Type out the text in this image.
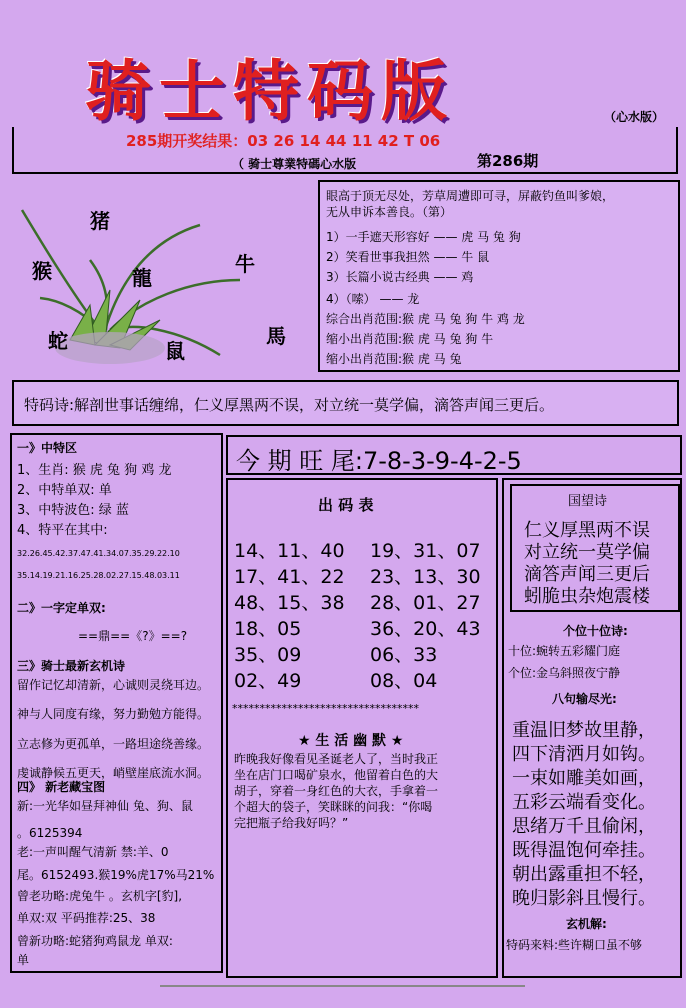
骑士特码版	（心水版）
285期开奖结果：03 26 14 44 11 42 T 06
（ 骑士尊業特碼心水版	第286期
猪
猴	龍
牛
蛇	鼠
馬
眼高于顶无尽处，芳草周遭即可寻，屏蔽钓鱼叫爹娘，
无从申诉本善良。（第）
1）一手遮天形容好 —— 虎 马 兔 狗
2）笑看世事我担然 —— 牛 鼠
3）长篇小说古经典 —— 鸡
4）（嗦） —— 龙
综合出肖范围:猴 虎 马 兔 狗 牛 鸡 龙
缩小出肖范围:猴 虎 马 兔 狗 牛
缩小出肖范围:猴 虎 马 兔
特码诗:解剖世事话缠绵，仁义厚黑两不误，对立统一莫学偏，滴答声闻三更后。
一》中特区
1、生肖: 猴 虎 兔 狗 鸡 龙
2、中特单双: 单
3、中特波色: 绿 蓝
4、特平在其中:
32.26.45.42.37.47.41.34.07.35.29.22.10
35.14.19.21.16.25.28.02.27.15.48.03.11
二》一字定单双:
==鼎==《?》==?
三》骑士最新玄机诗
留作记忆却清新，心诚则灵绕耳边。
神与人同度有缘，努力勤勉方能得。
立志修为更孤单，一路坦途绕善缘。
虔诚静候五更天，峭壁崖底流水洞。
四》 新老藏宝图
新:一光华如昼拜神仙 兔、狗、鼠
。6125394
老:一声叫醒气清新 禁:羊、0
尾。6152493.猴19%虎17%马21%
曾老功略:虎兔牛 。玄机字[豹],
单双:双 平码推荐:25、38
曾新功略:蛇猪狗鸡鼠龙 单双:
单
今 期 旺 尾:7-8-3-9-4-2-5
出 码 表
14、11、40 19、31、07
17、41、22 23、13、30
48、15、38 28、01、27
18、05	36、20、43
35、09	06、33
02、49	08、04
**********************************
★ 生 活 幽 默 ★
昨晚我好像看见圣诞老人了，当时我正
坐在店门口喝矿泉水，他留着白色的大
胡子，穿着一身红色的大衣，手拿着一
个超大的袋子，笑眯眯的问我：“你喝
完把瓶子给我好吗？”
国望诗
仁义厚黑两不误
对立统一莫学偏
滴答声闻三更后
蚓脆虫杂炮震楼
个位十位诗:
十位:蜿转五彩耀门庭
个位:金乌斜照夜宁静
八句输尽光:
重温旧梦故里静，
四下清洒月如钩。
一束如雕美如画，
五彩云端看变化。
思绪万千且偷闲，
既得温饱何牵挂。
朝出露重担不轻，
晚归影斜且慢行。
玄机解:
特码来料:些许糊口虽不够
